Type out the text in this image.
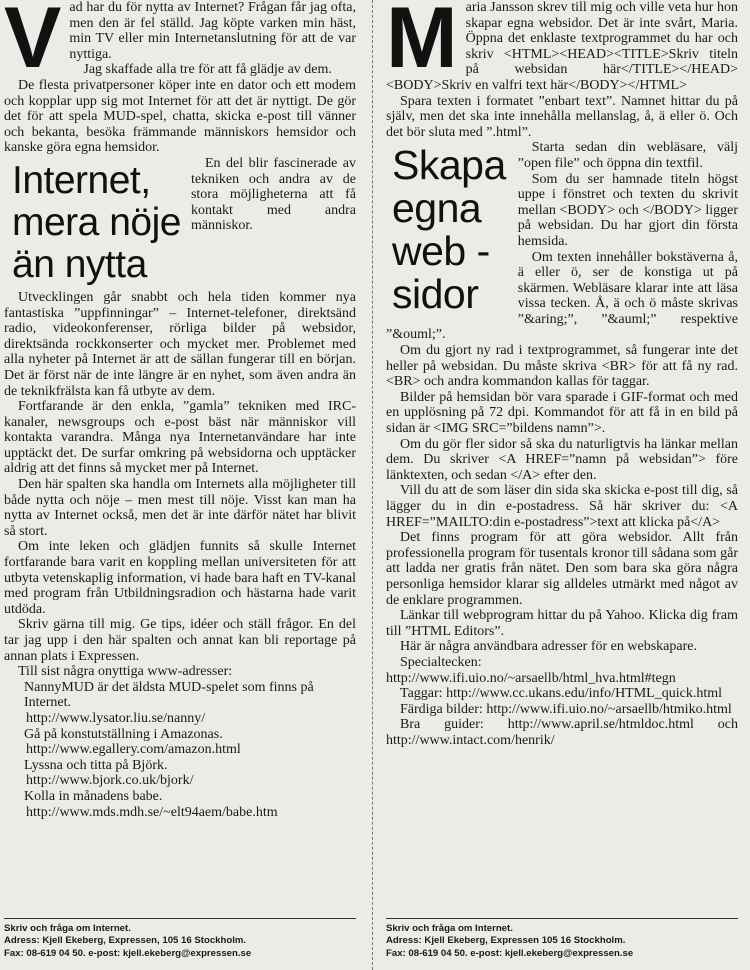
V ad har du för nytta av Internet? Frågan får jag ofta, men den är fel ställd. Jag köpte varken min häst, min TV eller min Internetanslutning för att de var nyttiga.

Jag skaffade alla tre för att få glädje av dem.

De flesta privatpersoner köper inte en dator och ett modem och kopplar upp sig mot Internet för att det är nyttigt. De gör det för att spela MUD-spel, chatta, skicka e-post till vänner och bekanta, besöka främmande människors hemsidor och kanske göra egna hemsidor.

Internet,
mera nöje
än nytta

En del blir fascinerade av tekniken och andra av de stora möjligheterna att få kontakt med andra människor.

Utvecklingen går snabbt och hela tiden kommer nya fantastiska ”uppfinningar” – Internet-telefoner, direktsänd radio, videokonferenser, rörliga bilder på websidor, direktsända rockkonserter och mycket mer. Problemet med alla nyheter på Internet är att de sällan fungerar till en början. Det är först när de inte längre är en nyhet, som även andra än de teknikfrälsta kan få utbyte av dem.

Fortfarande är den enkla, ”gamla” tekniken med IRC-kanaler, newsgroups och e-post bäst när människor vill kontakta varandra. Många nya Internetanvändare har inte upptäckt det. De surfar omkring på websidorna och upptäcker aldrig att det finns så mycket mer på Internet.

Den här spalten ska handla om Internets alla möjligheter till både nytta och nöje – men mest till nöje. Visst kan man ha nytta av Internet också, men det är inte därför nätet har blivit så stort.

Om inte leken och glädjen funnits så skulle Internet fortfarande bara varit en koppling mellan universiteten för att utbyta vetenskaplig information, vi hade bara haft en TV-kanal med program från Utbildningsradion och hästarna hade varit utdöda.

Skriv gärna till mig. Ge tips, idéer och ställ frågor. En del tar jag upp i den här spalten och annat kan bli reportage på annan plats i Expressen.

Till sist några onyttiga www-adresser:

NannyMUD är det äldsta MUD-spelet som finns på Internet.

http://www.lysator.liu.se/nanny/

Gå på konstutställning i Amazonas.

http://www.egallery.com/amazon.html

Lyssna och titta på Björk.

http://www.bjork.co.uk/bjork/

Kolla in månadens babe.

http://www.mds.mdh.se/~elt94aem/babe.htm

Skriv och fråga om Internet.

Adress: Kjell Ekeberg, Expressen, 105 16 Stockholm.

Fax: 08-619 04 50. e-post: kjell.ekeberg@expressen.se

M aria Jansson skrev till mig och ville veta hur hon skapar egna websidor. Det är inte svårt, Maria. Öppna det enklaste textprogrammet du har och skriv <HTML><HEAD><TITLE>Skriv titeln på websidan här</TITLE></HEAD><BODY>Skriv en valfri text här</BODY></HTML>

Spara texten i formatet ”enbart text”. Namnet hittar du på själv, men det ska inte innehålla mellanslag, å, ä eller ö. Och det bör sluta med ”.html”.

Skapa
egna
web -
sidor

Starta sedan din webläsare, välj ”open file” och öppna din textfil.

Som du ser hamnade titeln högst uppe i fönstret och texten du skrivit mellan <BODY> och </BODY> ligger på websidan. Du har gjort din första hemsida.

Om texten innehåller bokstäverna å, ä eller ö, ser de konstiga ut på skärmen. Webläsare klarar inte att läsa vissa tecken. Å, ä och ö måste skrivas ”&aring;”, ”&auml;” respektive ”&ouml;”.

Om du gjort ny rad i textprogrammet, så fungerar inte det heller på websidan. Du måste skriva <BR> för att få ny rad. <BR> och andra kommandon kallas för taggar.

Bilder på hemsidan bör vara sparade i GIF-format och med en upplösning på 72 dpi. Kommandot för att få in en bild på sidan är <IMG SRC=”bildens namn”>.

Om du gör fler sidor så ska du naturligtvis ha länkar mellan dem. Du skriver <A HREF=”namn på websidan”> före länktexten, och sedan </A> efter den.

Vill du att de som läser din sida ska skicka e-post till dig, så lägger du in din e-postadress. Så här skriver du: <A HREF=”MAILTO:din e-postadress”>text att klicka på</A>

Det finns program för att göra websidor. Allt från professionella program för tusentals kronor till sådana som går att ladda ner gratis från nätet. Den som bara ska göra några personliga hemsidor klarar sig alldeles utmärkt med något av de enklare programmen.

Länkar till webprogram hittar du på Yahoo. Klicka dig fram till ”HTML Editors”.

Här är några användbara adresser för en webskapare.

Specialtecken: http://www.ifi.uio.no/~arsaellb/html_hva.html#tegn

Taggar: http://www.cc.ukans.edu/info/HTML_quick.html

Färdiga bilder: http://www.ifi.uio.no/~arsaellb/htmiko.html

Bra guider: http://www.april.se/htmldoc.html och http://www.intact.com/henrik/

Skriv och fråga om Internet.

Adress: Kjell Ekeberg, Expressen 105 16 Stockholm.

Fax: 08-619 04 50. e-post: kjell.ekeberg@expressen.se
